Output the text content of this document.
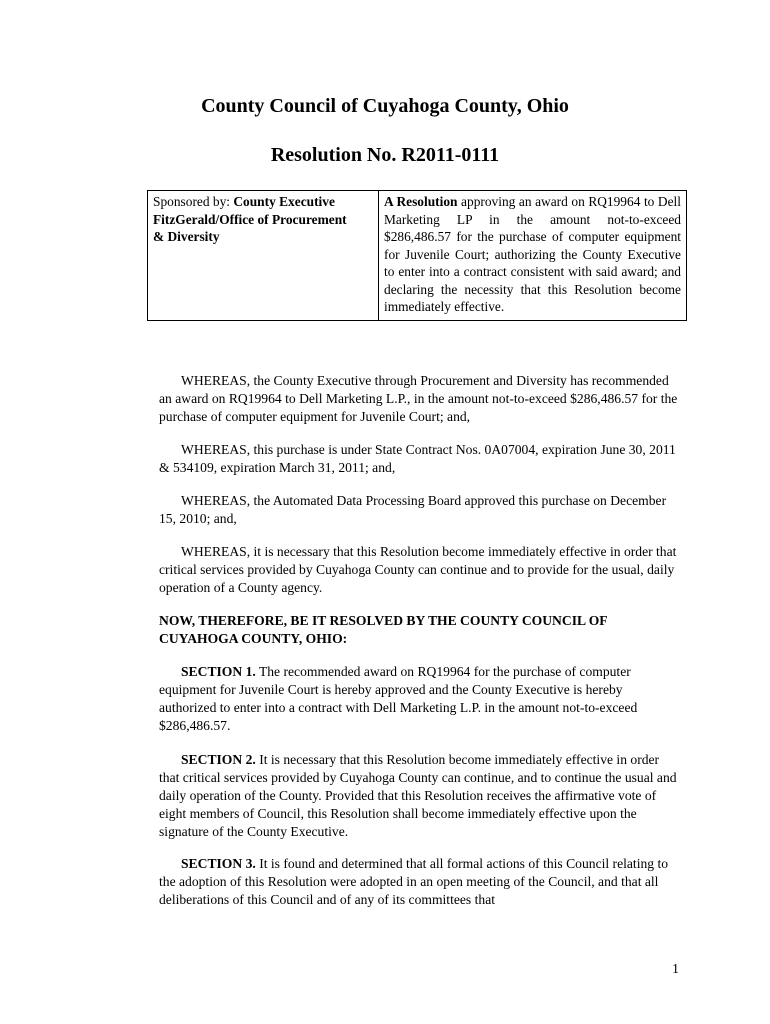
County Council of Cuyahoga County, Ohio
Resolution No. R2011-0111
Sponsored by: County Executive
FitzGerald/Office of Procurement
& Diversity	A Resolution approving an award on RQ19964 to Dell Marketing LP in the amount not-to-exceed $286,486.57 for the purchase of computer equipment for Juvenile Court; authorizing the County Executive to enter into a contract consistent with said award; and declaring the necessity that this Resolution become immediately effective.
WHEREAS, the County Executive through Procurement and Diversity has recommended an award on RQ19964 to Dell Marketing L.P., in the amount not-to-exceed $286,486.57 for the purchase of computer equipment for Juvenile Court; and,
WHEREAS, this purchase is under State Contract Nos. 0A07004, expiration June 30, 2011 & 534109, expiration March 31, 2011; and,
WHEREAS, the Automated Data Processing Board approved this purchase on December 15, 2010; and,
WHEREAS, it is necessary that this Resolution become immediately effective in order that critical services provided by Cuyahoga County can continue and to provide for the usual, daily operation of a County agency.
NOW, THEREFORE, BE IT RESOLVED BY THE COUNTY COUNCIL OF CUYAHOGA COUNTY, OHIO:
SECTION 1. The recommended award on RQ19964 for the purchase of computer equipment for Juvenile Court is hereby approved and the County Executive is hereby authorized to enter into a contract with Dell Marketing L.P. in the amount not-to-exceed $286,486.57.
SECTION 2. It is necessary that this Resolution become immediately effective in order that critical services provided by Cuyahoga County can continue, and to continue the usual and daily operation of the County. Provided that this Resolution receives the affirmative vote of eight members of Council, this Resolution shall become immediately effective upon the signature of the County Executive.
SECTION 3. It is found and determined that all formal actions of this Council relating to the adoption of this Resolution were adopted in an open meeting of the Council, and that all deliberations of this Council and of any of its committees that
1
